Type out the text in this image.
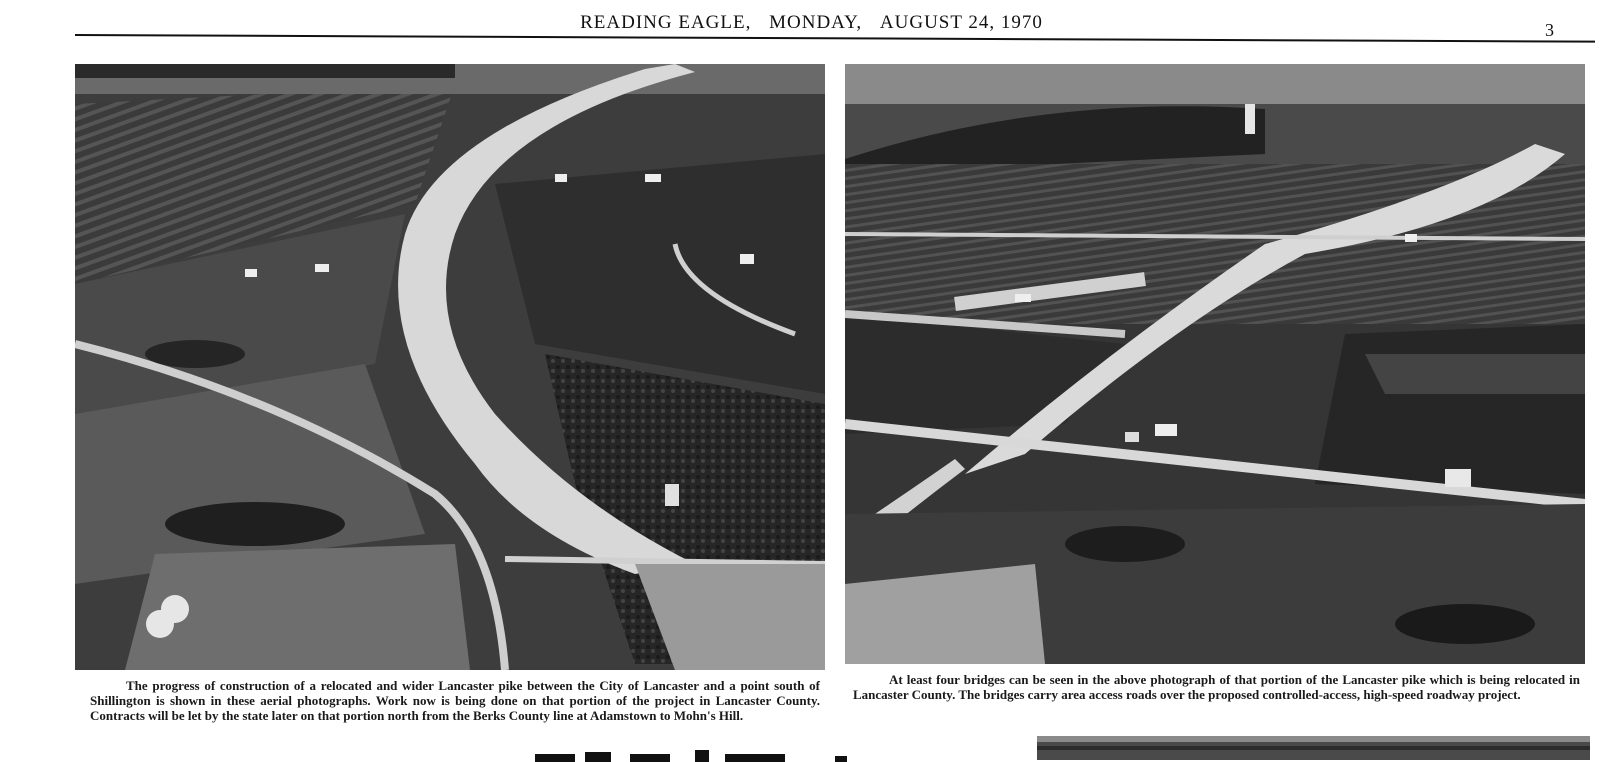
READING EAGLE, MONDAY, AUGUST 24, 1970	3

The progress of construction of a relocated and wider Lancaster pike between the City of Lancaster and a point south of Shillington is shown in these aerial photographs. Work now is being done on that portion of the project in Lancaster County. Contracts will be let by the state later on that portion north from the Berks County line at Adamstown to Mohn's Hill.

At least four bridges can be seen in the above photograph of that portion of the Lancaster pike which is being relocated in Lancaster County. The bridges carry area access roads over the proposed controlled-access, high-speed roadway project.
